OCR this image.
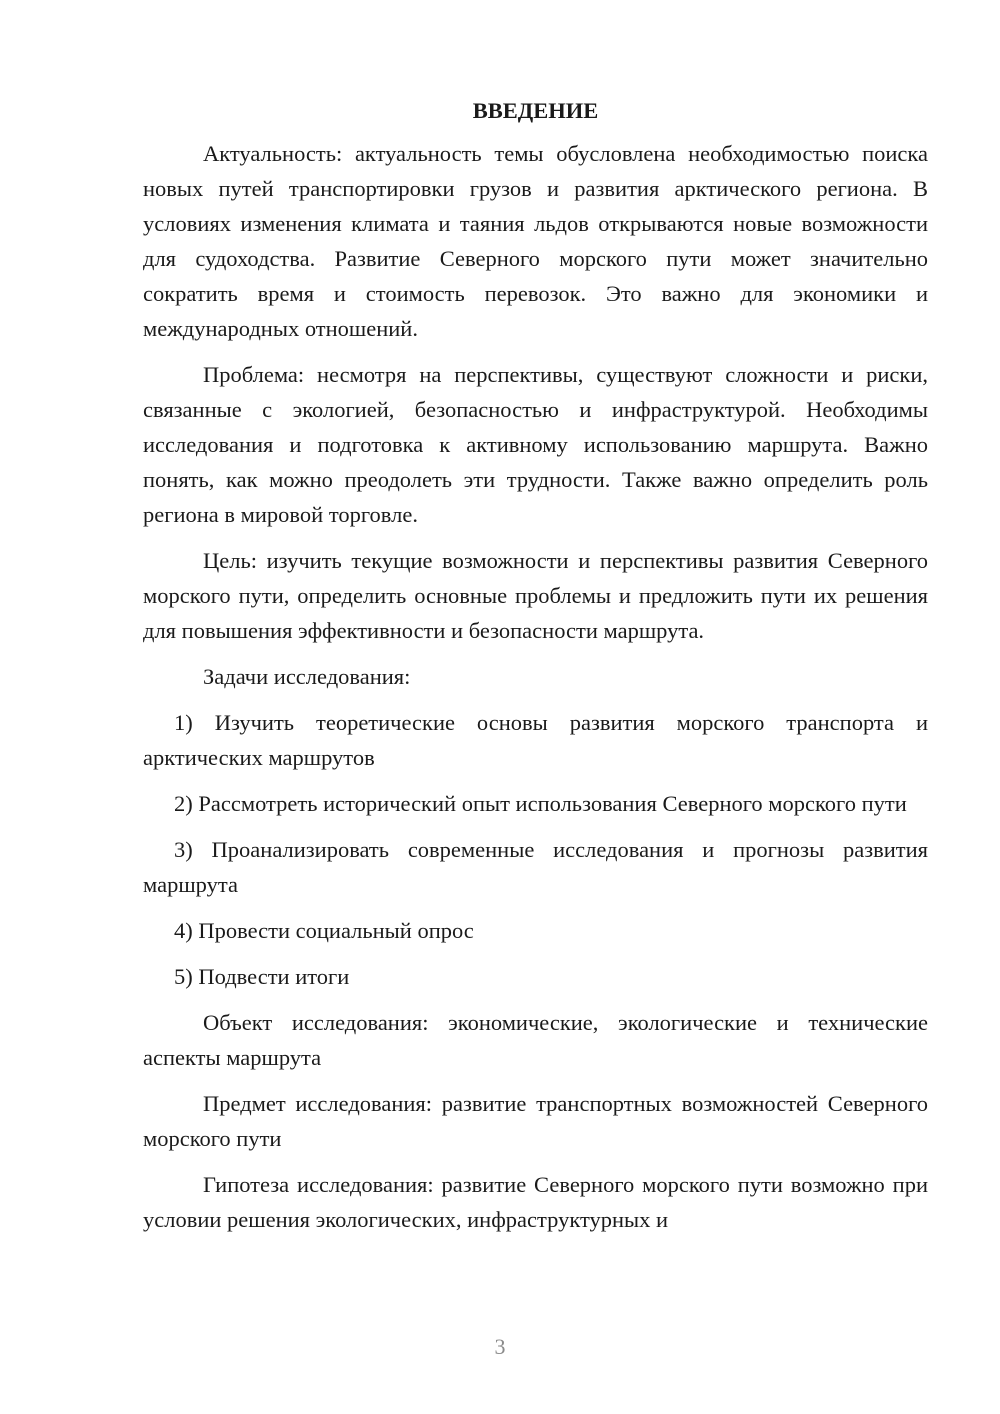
ВВЕДЕНИЕ
Актуальность: актуальность темы обусловлена необходимостью поиска новых путей транспортировки грузов и развития арктического региона. В условиях изменения климата и таяния льдов открываются новые возможности для судоходства. Развитие Северного морского пути может значительно сократить время и стоимость перевозок. Это важно для экономики и международных отношений.
Проблема: несмотря на перспективы, существуют сложности и риски, связанные с экологией, безопасностью и инфраструктурой. Необходимы исследования и подготовка к активному использованию маршрута. Важно понять, как можно преодолеть эти трудности. Также важно определить роль региона в мировой торговле.
Цель: изучить текущие возможности и перспективы развития Северного морского пути, определить основные проблемы и предложить пути их решения для повышения эффективности и безопасности маршрута.
Задачи исследования:
1) Изучить теоретические основы развития морского транспорта и арктических маршрутов
2) Рассмотреть исторический опыт использования Северного морского пути
3) Проанализировать современные исследования и прогнозы развития маршрута
4) Провести социальный опрос
5) Подвести итоги
Объект исследования: экономические, экологические и технические аспекты маршрута
Предмет исследования: развитие транспортных возможностей Северного морского пути
Гипотеза исследования: развитие Северного морского пути возможно при условии решения экологических, инфраструктурных и
3
